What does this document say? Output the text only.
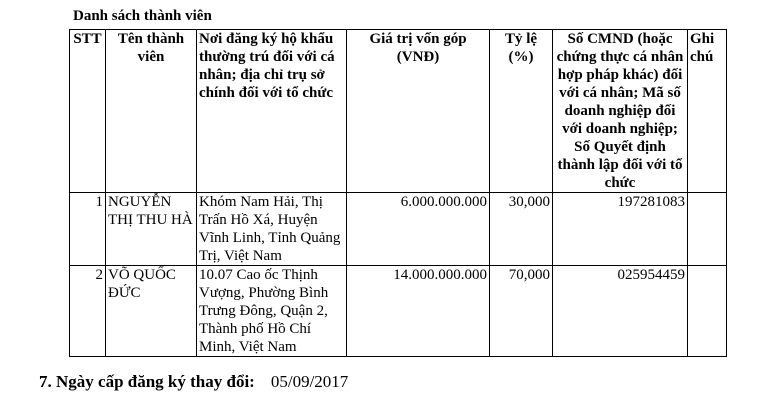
Danh sách thành viên
STT	Tên thành viên	Nơi đăng ký hộ khẩu thường trú đối với cá nhân; địa chỉ trụ sở chính đối với tổ chức	Giá trị vốn góp (VNĐ)	Tỷ lệ (%)	Số CMND (hoặc chứng thực cá nhân hợp pháp khác) đối với cá nhân; Mã số doanh nghiệp đối với doanh nghiệp; Số Quyết định thành lập đối với tổ chức	Ghi chú
1	NGUYỄN THỊ THU HÀ	Khóm Nam Hải, Thị Trấn Hồ Xá, Huyện Vĩnh Linh, Tỉnh Quảng Trị, Việt Nam	6.000.000.000	30,000	197281083	
2	VÕ QUỐC ĐỨC	10.07 Cao ốc Thịnh Vượng, Phường Bình Trưng Đông, Quận 2, Thành phố Hồ Chí Minh, Việt Nam	14.000.000.000	70,000	025954459	
7. Ngày cấp đăng ký thay đổi: 05/09/2017
